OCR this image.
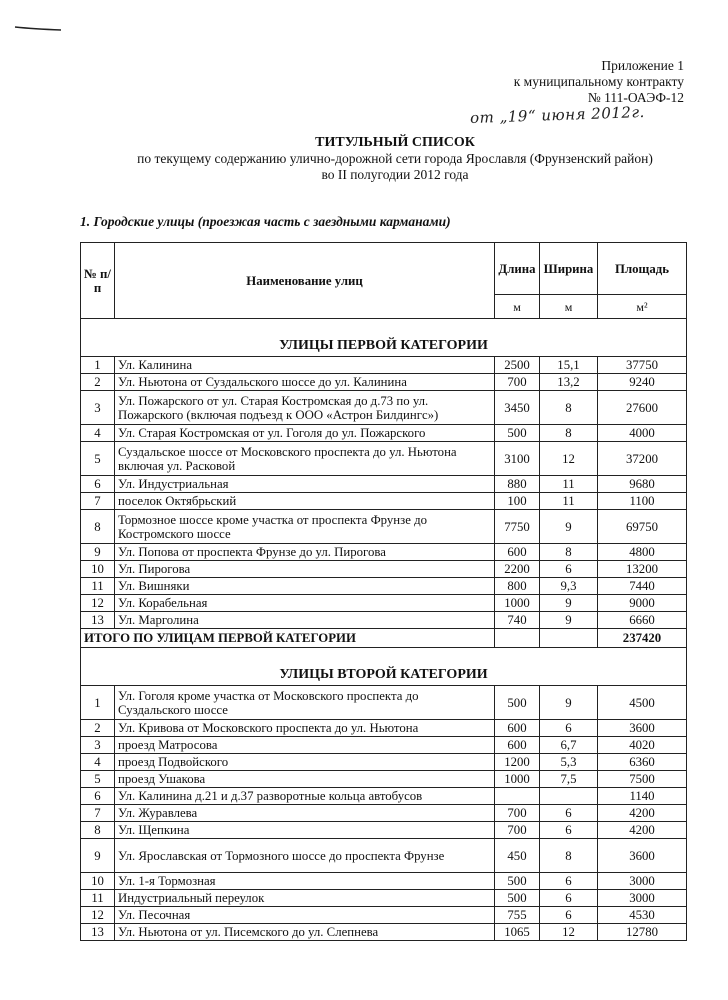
Приложение 1
к муниципальному контракту
№ 111-ОАЭФ-12
от „19“ июня 2012г.
ТИТУЛЬНЫЙ СПИСОК
по текущему содержанию улично-дорожной сети города Ярославля (Фрунзенский район)
во II полугодии 2012 года
1. Городские улицы (проезжая часть с заездными карманами)
№ п/п	Наименование улиц	Длина	Ширина	Площадь
		м	м	м²
УЛИЦЫ ПЕРВОЙ КАТЕГОРИИ				
1	Ул. Калинина	2500	15,1	37750
2	Ул. Ньютона от Суздальского шоссе до ул. Калинина	700	13,2	9240
3	Ул. Пожарского от ул. Старая Костромская до д.73 по ул. Пожарского (включая подъезд к ООО «Астрон Билдингс»)	3450	8	27600
4	Ул. Старая Костромская от ул. Гоголя до ул. Пожарского	500	8	4000
5	Суздальское шоссе от Московского проспекта до ул. Ньютона включая ул. Расковой	3100	12	37200
6	Ул. Индустриальная	880	11	9680
7	поселок Октябрьский	100	11	1100
8	Тормозное шоссе кроме участка от проспекта Фрунзе до Костромского шоссе	7750	9	69750
9	Ул. Попова от проспекта Фрунзе до ул. Пирогова	600	8	4800
10	Ул. Пирогова	2200	6	13200
11	Ул. Вишняки	800	9,3	7440
12	Ул. Корабельная	1000	9	9000
13	Ул. Марголина	740	9	6660
ИТОГО ПО УЛИЦАМ ПЕРВОЙ КАТЕГОРИИ				237420
УЛИЦЫ ВТОРОЙ КАТЕГОРИИ				
1	Ул. Гоголя кроме участка от Московского проспекта до Суздальского шоссе	500	9	4500
2	Ул. Кривова от Московского проспекта до ул. Ньютона	600	6	3600
3	проезд Матросова	600	6,7	4020
4	проезд Подвойского	1200	5,3	6360
5	проезд Ушакова	1000	7,5	7500
6	Ул. Калинина д.21 и д.37 разворотные кольца автобусов			1140
7	Ул. Журавлева	700	6	4200
8	Ул. Щепкина	700	6	4200
9	Ул. Ярославская от Тормозного шоссе до проспекта Фрунзе	450	8	3600
10	Ул. 1-я Тормозная	500	6	3000
11	Индустриальный переулок	500	6	3000
12	Ул. Песочная	755	6	4530
13	Ул. Ньютона от ул. Писемского до ул. Слепнева	1065	12	12780
